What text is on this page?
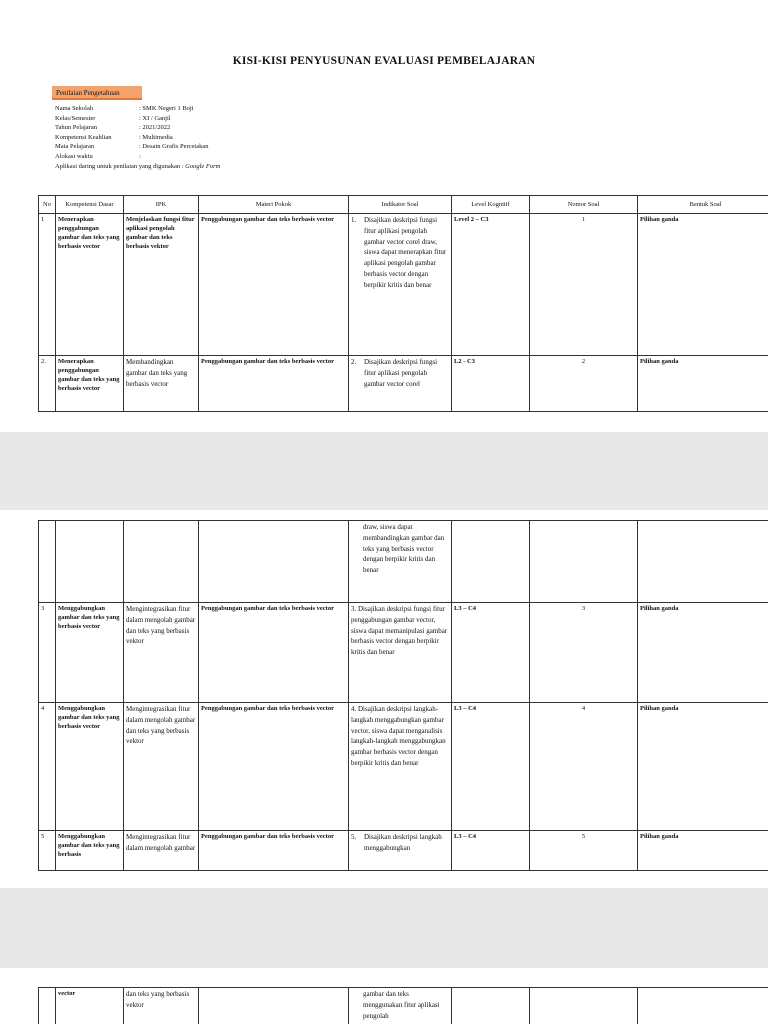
KISI-KISI PENYUSUNAN EVALUASI PEMBELAJARAN
Penilaian Pengetahuan
Nama Sekolah	: SMK Negeri 1 Boji
Kelas/Semester	: XI / Ganjil
Tahun Pelajaran	: 2021/2022
Kompetensi Keahlian	: Multimedia
Mata Pelajaran	: Desain Grafis Percetakan
Alokasi waktu	:
Aplikasi daring untuk penilaian yang digunakan : Google Form
No	Kompetensi Dasar	IPK	Materi Pokok	Indikator Soal	Level Kognitif	Nomor Soal	Bentuk Soal
1	Menerapkan penggabungan gambar dan teks yang berbasis vector	Menjelaskan fungsi fitur aplikasi pengolah gambar dan teks berbasis vektor	Penggabungan gambar dan teks berbasis vector	1. Disajikan deskripsi fungsi fitur aplikasi pengolah gambar vector corel draw, siswa dapat menerapkan fitur aplikasi pengolah gambar berbasis vector dengan berpikir kritis dan benar	Level 2 – C3	1	Pilihan ganda
2.	Menerapkan penggabungan gambar dan teks yang berbasis vector	Membandingkan gambar dan teks yang berbasis vector	Penggabungan gambar dan teks berbasis vector	2. Disajikan deskripsi fungsi fitur aplikasi pengolah gambar vector corel	L2 - C3	2	Pilihan ganda
				draw, siswa dapat membandingkan gambar dan teks yang berbasis vector dengan berpikir kritis dan benar			
3	Menggabungkan gambar dan teks yang berbasis vector	Mengintegrasikan fitur dalam mengolah gambar dan teks yang berbasis vektor	Penggabungan gambar dan teks berbasis vector	3. Disajikan deskripsi fungsi fitur penggabungan gambar vector, siswa dapat memanipulasi gambar berbasis vector dengan berpikir kritis dan benar	L3 – C4	3	Pilihan ganda
4	Menggabungkan gambar dan teks yang berbasis vector	Mengintegrasikan fitur dalam mengolah gambar dan teks yang berbasis vektor	Penggabungan gambar dan teks berbasis vector	4. Disajikan deskripsi langkah-langkah menggabungkan gambar vector, siswa dapat menganalisis langkah-langkah menggabungkan gambar berbasis vector dengan berpikir kritis dan benar	L3 – C4	4	Pilihan ganda
5	Menggabungkan gambar dan teks yang berbasis	Mengintegrasikan fitur dalam mengolah gambar	Penggabungan gambar dan teks berbasis vector	5. Disajikan deskripsi langkah menggabungkan	L3 – C4	5	Pilihan ganda
	vector	dan teks yang berbasis vektor		gambar dan teks menggunakan fitur aplikasi pengolah			
